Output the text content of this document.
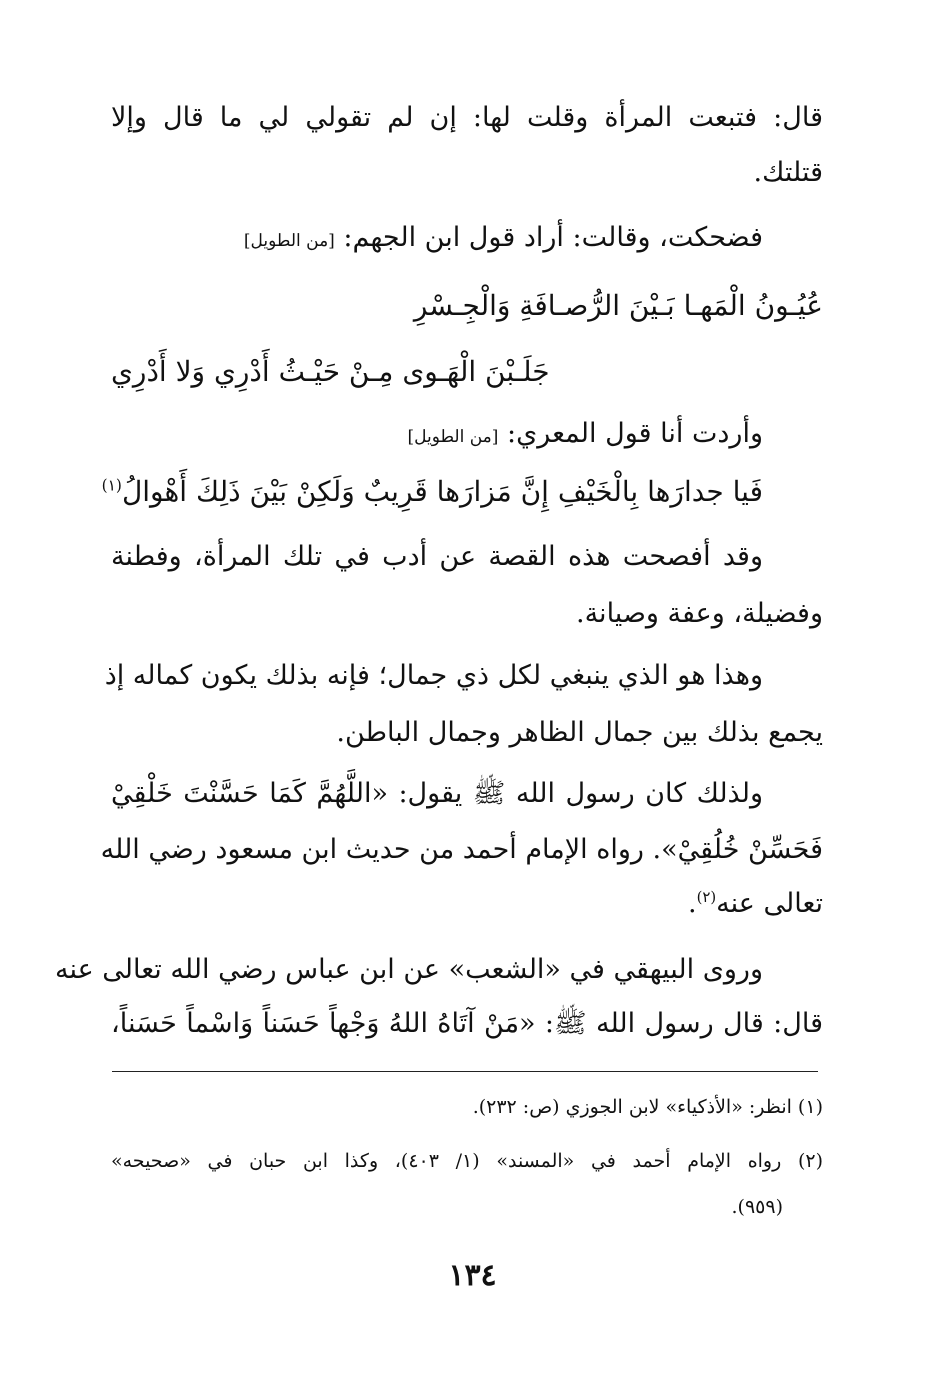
قال: فتبعت المرأة وقلت لها: إن لم تقولي لي ما قال وإلا
قتلتك.
فضحكت، وقالت: أراد قول ابن الجهم: [من الطويل]
عُيُـونُ الْمَهـا بَـيْنَ الرُّصـافَةِ وَالْجِـسْرِ
جَلَـبْنَ الْهَـوى مِـنْ حَيْـثُ أَدْرِي وَلا أَدْرِي
وأردت أنا قول المعري: [من الطويل]
فَيا جدارَها بِالْخَيْفِ إِنَّ مَزارَها قَرِيبٌ وَلَكِنْ بَيْنَ ذَلِكَ أَهْوالُ$^{(١)}$
وقد أفصحت هذه القصة عن أدب في تلك المرأة، وفطنة
وفضيلة، وعفة وصيانة.
وهذا هو الذي ينبغي لكل ذي جمال؛ فإنه بذلك يكون كماله إذ
يجمع بذلك بين جمال الظاهر وجمال الباطن.
ولذلك كان رسول الله ﷺ يقول: «اللَّهُمَّ كَمَا حَسَّنْتَ خَلْقِيْ
فَحَسِّنْ خُلُقِيْ». رواه الإمام أحمد من حديث ابن مسعود رضي الله
تعالى عنه$^{(٢)}$.
وروى البيهقي في «الشعب» عن ابن عباس رضي الله تعالى عنه
قال: قال رسول الله ﷺ: «مَنْ آتَاهُ اللهُ وَجْهاً حَسَناً وَاسْماً حَسَناً،
(١) انظر: «الأذكياء» لابن الجوزي (ص: ٢٣٢).
(٢) رواه الإمام أحمد في «المسند» (١/ ٤٠٣)، وكذا ابن حبان في «صحيحه»
(٩٥٩).
١٣٤
